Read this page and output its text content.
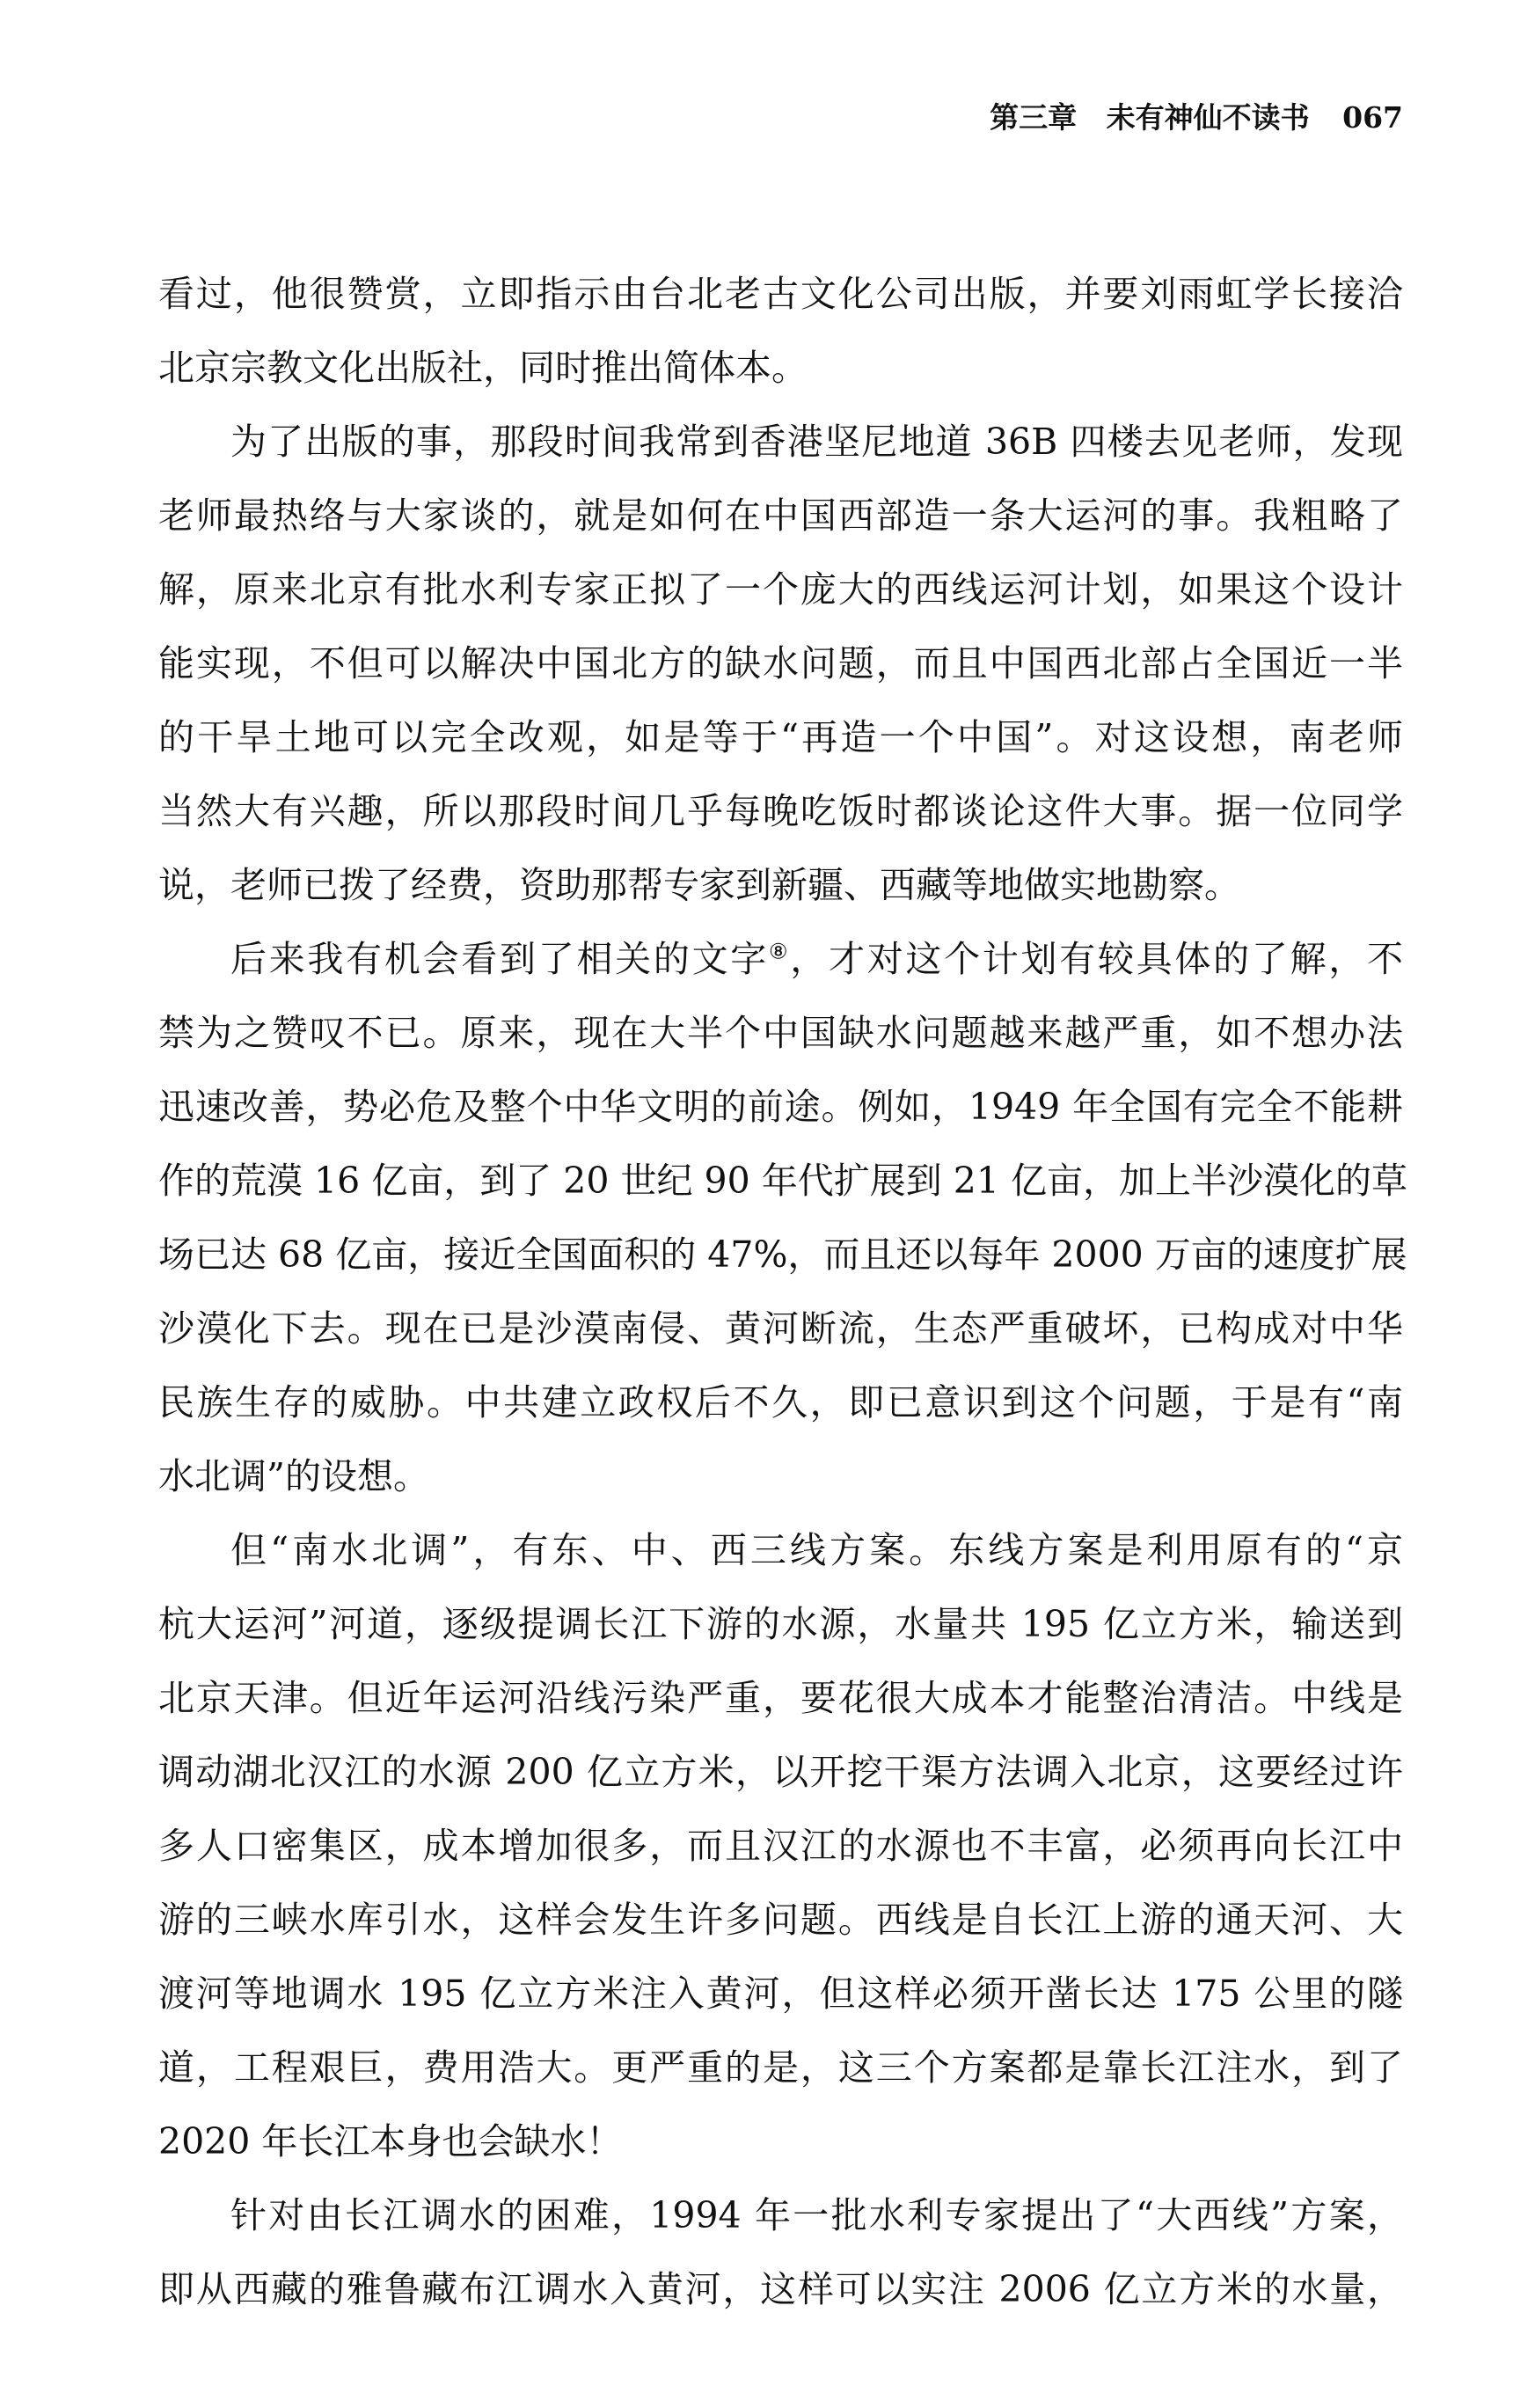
第三章 未有神仙不读书 067
看过，他很赞赏，立即指示由台北老古文化公司出版，并要刘雨虹学长接洽
北京宗教文化出版社，同时推出简体本。
为了出版的事，那段时间我常到香港坚尼地道 36B 四楼去见老师，发现
老师最热络与大家谈的，就是如何在中国西部造一条大运河的事。我粗略了
解，原来北京有批水利专家正拟了一个庞大的西线运河计划，如果这个设计
能实现，不但可以解决中国北方的缺水问题，而且中国西北部占全国近一半
的干旱土地可以完全改观，如是等于“再造一个中国”。对这设想，南老师
当然大有兴趣，所以那段时间几乎每晚吃饭时都谈论这件大事。据一位同学
说，老师已拨了经费，资助那帮专家到新疆、西藏等地做实地勘察。
后来我有机会看到了相关的文字⑧，才对这个计划有较具体的了解，不
禁为之赞叹不已。原来，现在大半个中国缺水问题越来越严重，如不想办法
迅速改善，势必危及整个中华文明的前途。例如，1949 年全国有完全不能耕
作的荒漠 16 亿亩，到了 20 世纪 90 年代扩展到 21 亿亩，加上半沙漠化的草
场已达 68 亿亩，接近全国面积的 47%，而且还以每年 2000 万亩的速度扩展
沙漠化下去。现在已是沙漠南侵、黄河断流，生态严重破坏，已构成对中华
民族生存的威胁。中共建立政权后不久，即已意识到这个问题，于是有“南
水北调”的设想。
但“南水北调”，有东、中、西三线方案。东线方案是利用原有的“京
杭大运河”河道，逐级提调长江下游的水源，水量共 195 亿立方米，输送到
北京天津。但近年运河沿线污染严重，要花很大成本才能整治清洁。中线是
调动湖北汉江的水源 200 亿立方米，以开挖干渠方法调入北京，这要经过许
多人口密集区，成本增加很多，而且汉江的水源也不丰富，必须再向长江中
游的三峡水库引水，这样会发生许多问题。西线是自长江上游的通天河、大
渡河等地调水 195 亿立方米注入黄河，但这样必须开凿长达 175 公里的隧
道，工程艰巨，费用浩大。更严重的是，这三个方案都是靠长江注水，到了
2020 年长江本身也会缺水！
针对由长江调水的困难，1994 年一批水利专家提出了“大西线”方案，
即从西藏的雅鲁藏布江调水入黄河，这样可以实注 2006 亿立方米的水量，
